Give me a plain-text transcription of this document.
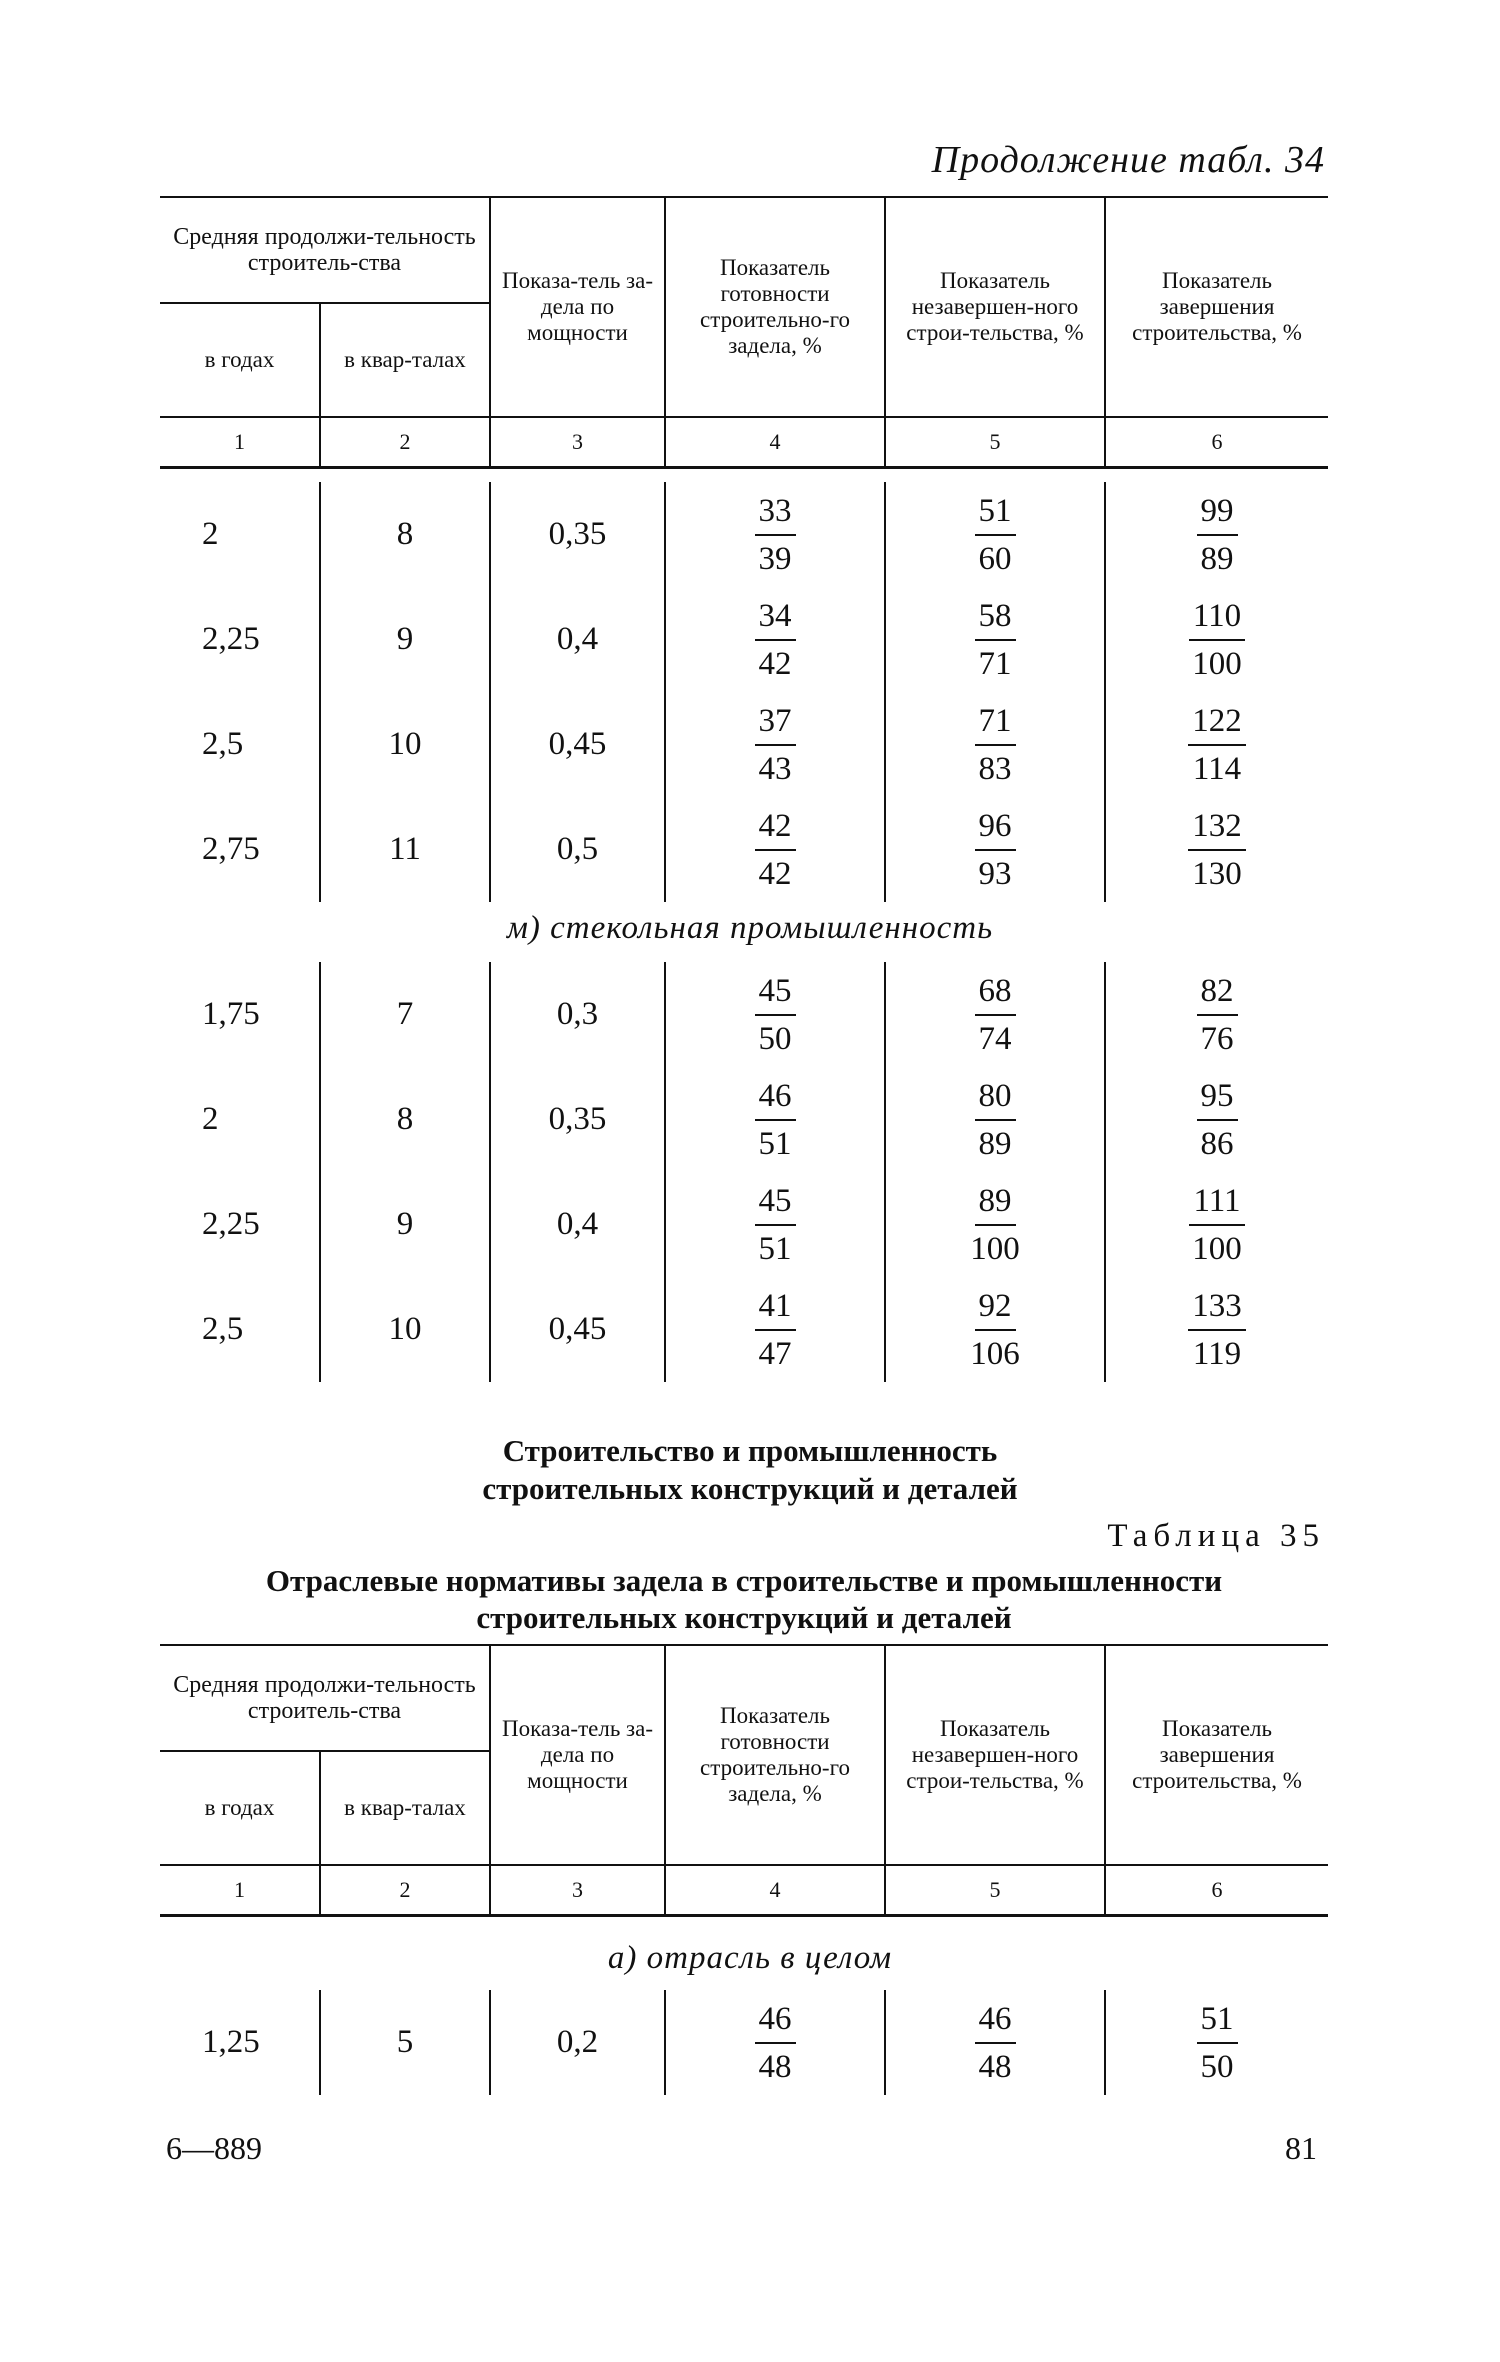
Продолжение табл. 34

Средняя продолжи-тельность строитель-ства		Показа-тель за-дела по мощности	Показатель готовности строительно-го задела, %	Показатель незавершен-ного строи-тельства, %	Показатель завершения строительства, %
в годах	в квар-талах				
1	2	3	4	5	6
2	8	0,35	$\frac{33}{39}$	$\frac{51}{60}$	$\frac{99}{89}$

2,25	9	0,4	$\frac{34}{42}$	$\frac{58}{71}$	$\frac{110}{100}$

2,5	10	0,45	$\frac{37}{43}$	$\frac{71}{83}$	$\frac{122}{114}$

2,75	11	0,5	$\frac{42}{42}$	$\frac{96}{93}$	$\frac{132}{130}$
м) стекольная промышленность
1,75	7	0,3	$\frac{45}{50}$	$\frac{68}{74}$	$\frac{82}{76}$

2	8	0,35	$\frac{46}{51}$	$\frac{80}{89}$	$\frac{95}{86}$

2,25	9	0,4	$\frac{45}{51}$	$\frac{89}{100}$	$\frac{111}{100}$

2,5	10	0,45	$\frac{41}{47}$	$\frac{92}{106}$	$\frac{133}{119}$
Строительство и промышленность
строительных конструкций и деталей
Таблица 35
Отраслевые нормативы задела в строительстве и промышленности
строительных конструкций и деталей

Средняя продолжи-тельность строитель-ства		Показа-тель за-дела по мощности	Показатель готовности строительно-го задела, %	Показатель незавершен-ного строи-тельства, %	Показатель завершения строительства, %
в годах	в квар-талах				
1	2	3	4	5	6
а) отрасль в целом
1,25	5	0,2	$\frac{46}{48}$	$\frac{46}{48}$	$\frac{51}{50}$
6—889	81
